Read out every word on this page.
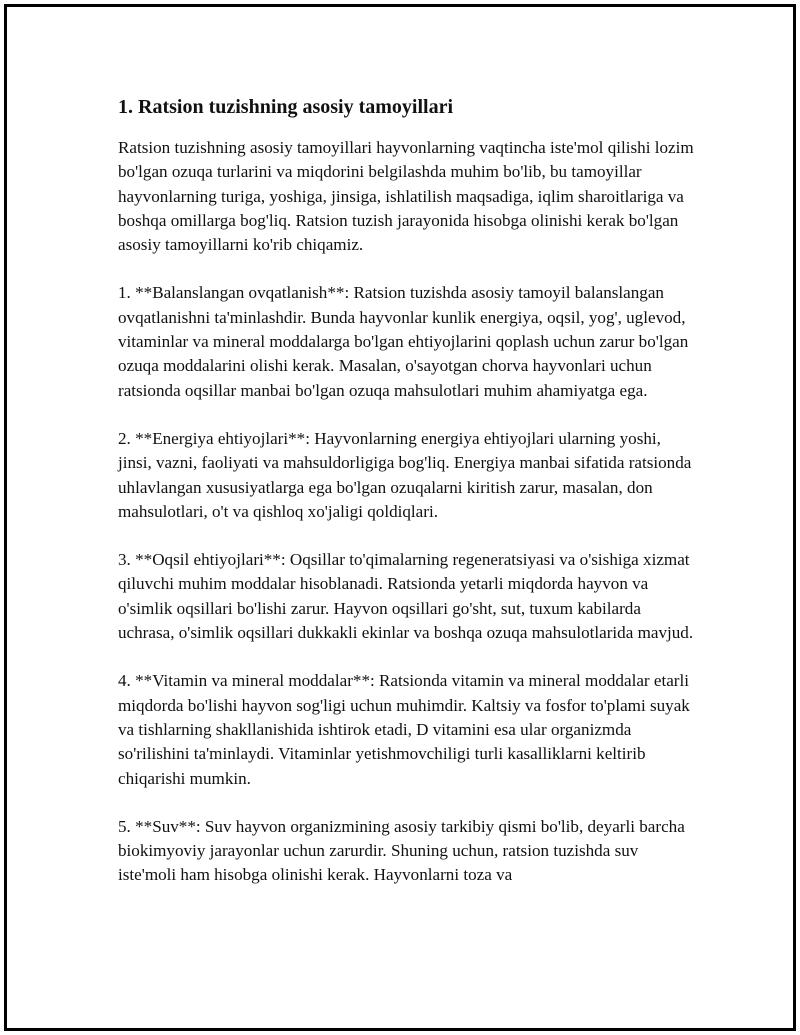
1. Ratsion tuzishning asosiy tamoyillari

Ratsion tuzishning asosiy tamoyillari hayvonlarning vaqtincha iste'mol qilishi lozim bo'lgan ozuqa turlarini va miqdorini belgilashda muhim bo'lib, bu tamoyillar hayvonlarning turiga, yoshiga, jinsiga, ishlatilish maqsadiga, iqlim sharoitlariga va boshqa omillarga bog'liq. Ratsion tuzish jarayonida hisobga olinishi kerak bo'lgan asosiy tamoyillarni ko'rib chiqamiz.

1. **Balanslangan ovqatlanish**: Ratsion tuzishda asosiy tamoyil balanslangan ovqatlanishni ta'minlashdir. Bunda hayvonlar kunlik energiya, oqsil, yog', uglevod, vitaminlar va mineral moddalarga bo'lgan ehtiyojlarini qoplash uchun zarur bo'lgan ozuqa moddalarini olishi kerak. Masalan, o'sayotgan chorva hayvonlari uchun ratsionda oqsillar manbai bo'lgan ozuqa mahsulotlari muhim ahamiyatga ega.

2. **Energiya ehtiyojlari**: Hayvonlarning energiya ehtiyojlari ularning yoshi, jinsi, vazni, faoliyati va mahsuldorligiga bog'liq. Energiya manbai sifatida ratsionda uhlavlangan xususiyatlarga ega bo'lgan ozuqalarni kiritish zarur, masalan, don mahsulotlari, o't va qishloq xo'jaligi qoldiqlari.

3. **Oqsil ehtiyojlari**: Oqsillar to'qimalarning regeneratsiyasi va o'sishiga xizmat qiluvchi muhim moddalar hisoblanadi. Ratsionda yetarli miqdorda hayvon va o'simlik oqsillari bo'lishi zarur. Hayvon oqsillari go'sht, sut, tuxum kabilarda uchrasa, o'simlik oqsillari dukkakli ekinlar va boshqa ozuqa mahsulotlarida mavjud.

4. **Vitamin va mineral moddalar**: Ratsionda vitamin va mineral moddalar etarli miqdorda bo'lishi hayvon sog'ligi uchun muhimdir. Kaltsiy va fosfor to'plami suyak va tishlarning shakllanishida ishtirok etadi, D vitamini esa ular organizmda so'rilishini ta'minlaydi. Vitaminlar yetishmovchiligi turli kasalliklarni keltirib chiqarishi mumkin.

5. **Suv**: Suv hayvon organizmining asosiy tarkibiy qismi bo'lib, deyarli barcha biokimyoviy jarayonlar uchun zarurdir. Shuning uchun, ratsion tuzishda suv iste'moli ham hisobga olinishi kerak. Hayvonlarni toza va
